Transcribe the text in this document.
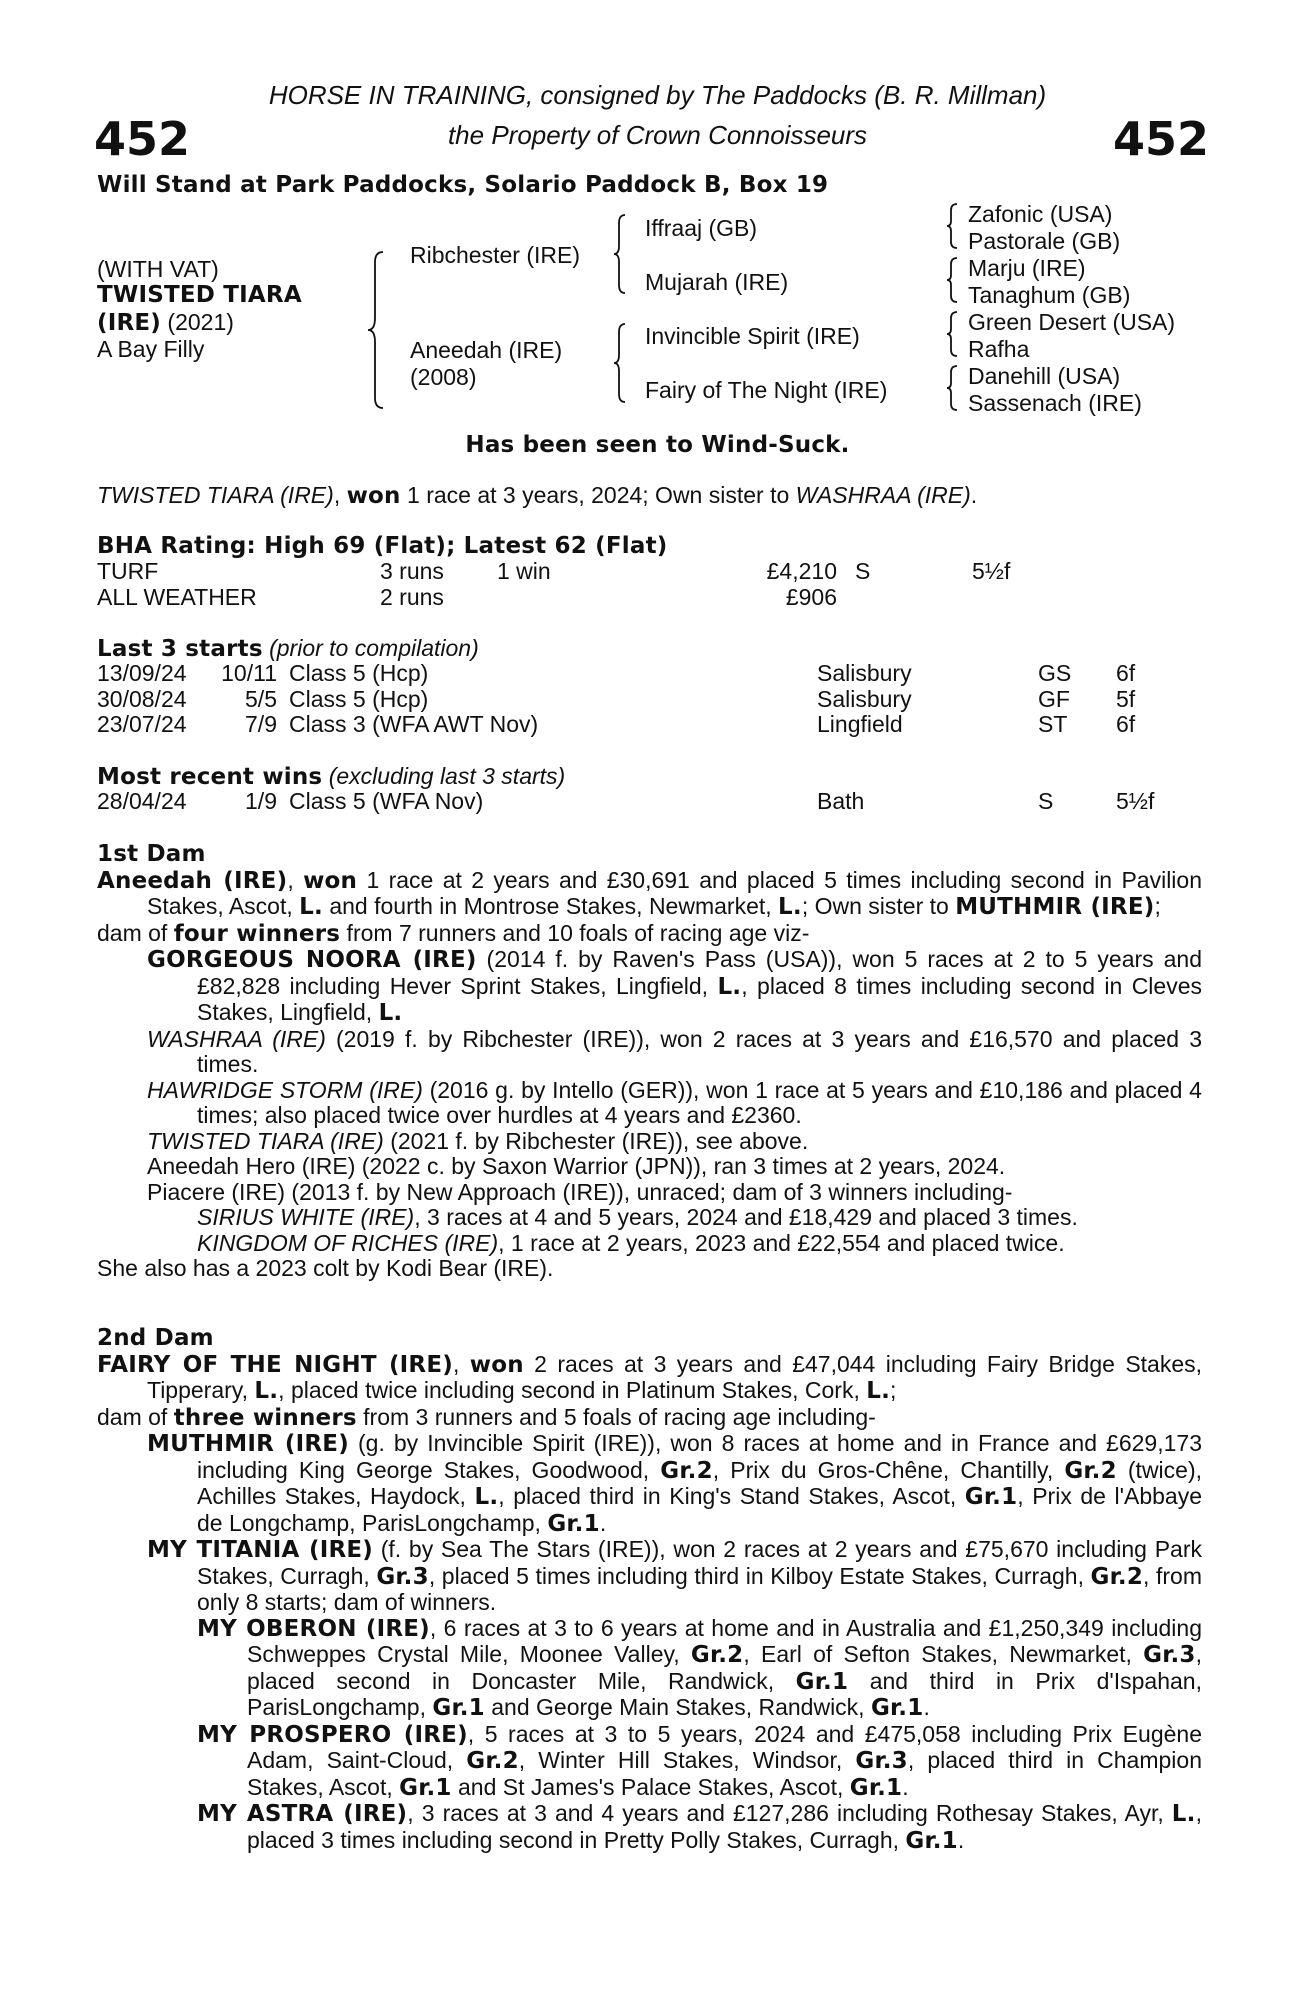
452	452
HORSE IN TRAINING, consigned by The Paddocks (B. R. Millman)
the Property of Crown Connoisseurs
Will Stand at Park Paddocks, Solario Paddock B, Box 19
(WITH VAT)
TWISTED TIARA
(IRE) (2021)
A Bay Filly
Ribchester (IRE)
Aneedah (IRE)
(2008)
Iffraaj (GB)
Mujarah (IRE)
Invincible Spirit (IRE)
Fairy of The Night (IRE)
Zafonic (USA)
Pastorale (GB)
Marju (IRE)
Tanaghum (GB)
Green Desert (USA)
Rafha
Danehill (USA)
Sassenach (IRE)
Has been seen to Wind-Suck.
TWISTED TIARA (IRE), won 1 race at 3 years, 2024; Own sister to WASHRAA (IRE).
BHA Rating: High 69 (Flat); Latest 62 (Flat)
TURF	3 runs 1 win	£4,210 S	5½f
ALL WEATHER	2 runs	£906
Last 3 starts (prior to compilation)
13/09/24	10/11 Class 5 (Hcp)	Salisbury	GS 6f
30/08/24	5/5 Class 5 (Hcp)	Salisbury	GF 5f
23/07/24	7/9 Class 3 (WFA AWT Nov)	Lingfield	ST 6f
Most recent wins (excluding last 3 starts)
28/04/24	1/9 Class 5 (WFA Nov)	Bath	S	5½f

1st Dam

Aneedah (IRE), won 1 race at 2 years and £30,691 and placed 5 times including second in Pavilion Stakes, Ascot, L. and fourth in Montrose Stakes, Newmarket, L.; Own sister to MUTHMIR (IRE);

dam of four winners from 7 runners and 10 foals of racing age viz-

GORGEOUS NOORA (IRE) (2014 f. by Raven's Pass (USA)), won 5 races at 2 to 5 years and £82,828 including Hever Sprint Stakes, Lingfield, L., placed 8 times including second in Cleves Stakes, Lingfield, L.

WASHRAA (IRE) (2019 f. by Ribchester (IRE)), won 2 races at 3 years and £16,570 and placed 3 times.

HAWRIDGE STORM (IRE) (2016 g. by Intello (GER)), won 1 race at 5 years and £10,186 and placed 4 times; also placed twice over hurdles at 4 years and £2360.

TWISTED TIARA (IRE) (2021 f. by Ribchester (IRE)), see above.

Aneedah Hero (IRE) (2022 c. by Saxon Warrior (JPN)), ran 3 times at 2 years, 2024.

Piacere (IRE) (2013 f. by New Approach (IRE)), unraced; dam of 3 winners including-

SIRIUS WHITE (IRE), 3 races at 4 and 5 years, 2024 and £18,429 and placed 3 times.

KINGDOM OF RICHES (IRE), 1 race at 2 years, 2023 and £22,554 and placed twice.

She also has a 2023 colt by Kodi Bear (IRE).

2nd Dam

FAIRY OF THE NIGHT (IRE), won 2 races at 3 years and £47,044 including Fairy Bridge Stakes, Tipperary, L., placed twice including second in Platinum Stakes, Cork, L.;

dam of three winners from 3 runners and 5 foals of racing age including-

MUTHMIR (IRE) (g. by Invincible Spirit (IRE)), won 8 races at home and in France and £629,173 including King George Stakes, Goodwood, Gr.2, Prix du Gros-Chêne, Chantilly, Gr.2 (twice), Achilles Stakes, Haydock, L., placed third in King's Stand Stakes, Ascot, Gr.1, Prix de l'Abbaye de Longchamp, ParisLongchamp, Gr.1.

MY TITANIA (IRE) (f. by Sea The Stars (IRE)), won 2 races at 2 years and £75,670 including Park Stakes, Curragh, Gr.3, placed 5 times including third in Kilboy Estate Stakes, Curragh, Gr.2, from only 8 starts; dam of winners.

MY OBERON (IRE), 6 races at 3 to 6 years at home and in Australia and £1,250,349 including Schweppes Crystal Mile, Moonee Valley, Gr.2, Earl of Sefton Stakes, Newmarket, Gr.3, placed second in Doncaster Mile, Randwick, Gr.1 and third in Prix d'Ispahan, ParisLongchamp, Gr.1 and George Main Stakes, Randwick, Gr.1.

MY PROSPERO (IRE), 5 races at 3 to 5 years, 2024 and £475,058 including Prix Eugène Adam, Saint-Cloud, Gr.2, Winter Hill Stakes, Windsor, Gr.3, placed third in Champion Stakes, Ascot, Gr.1 and St James's Palace Stakes, Ascot, Gr.1.

MY ASTRA (IRE), 3 races at 3 and 4 years and £127,286 including Rothesay Stakes, Ayr, L., placed 3 times including second in Pretty Polly Stakes, Curragh, Gr.1.
